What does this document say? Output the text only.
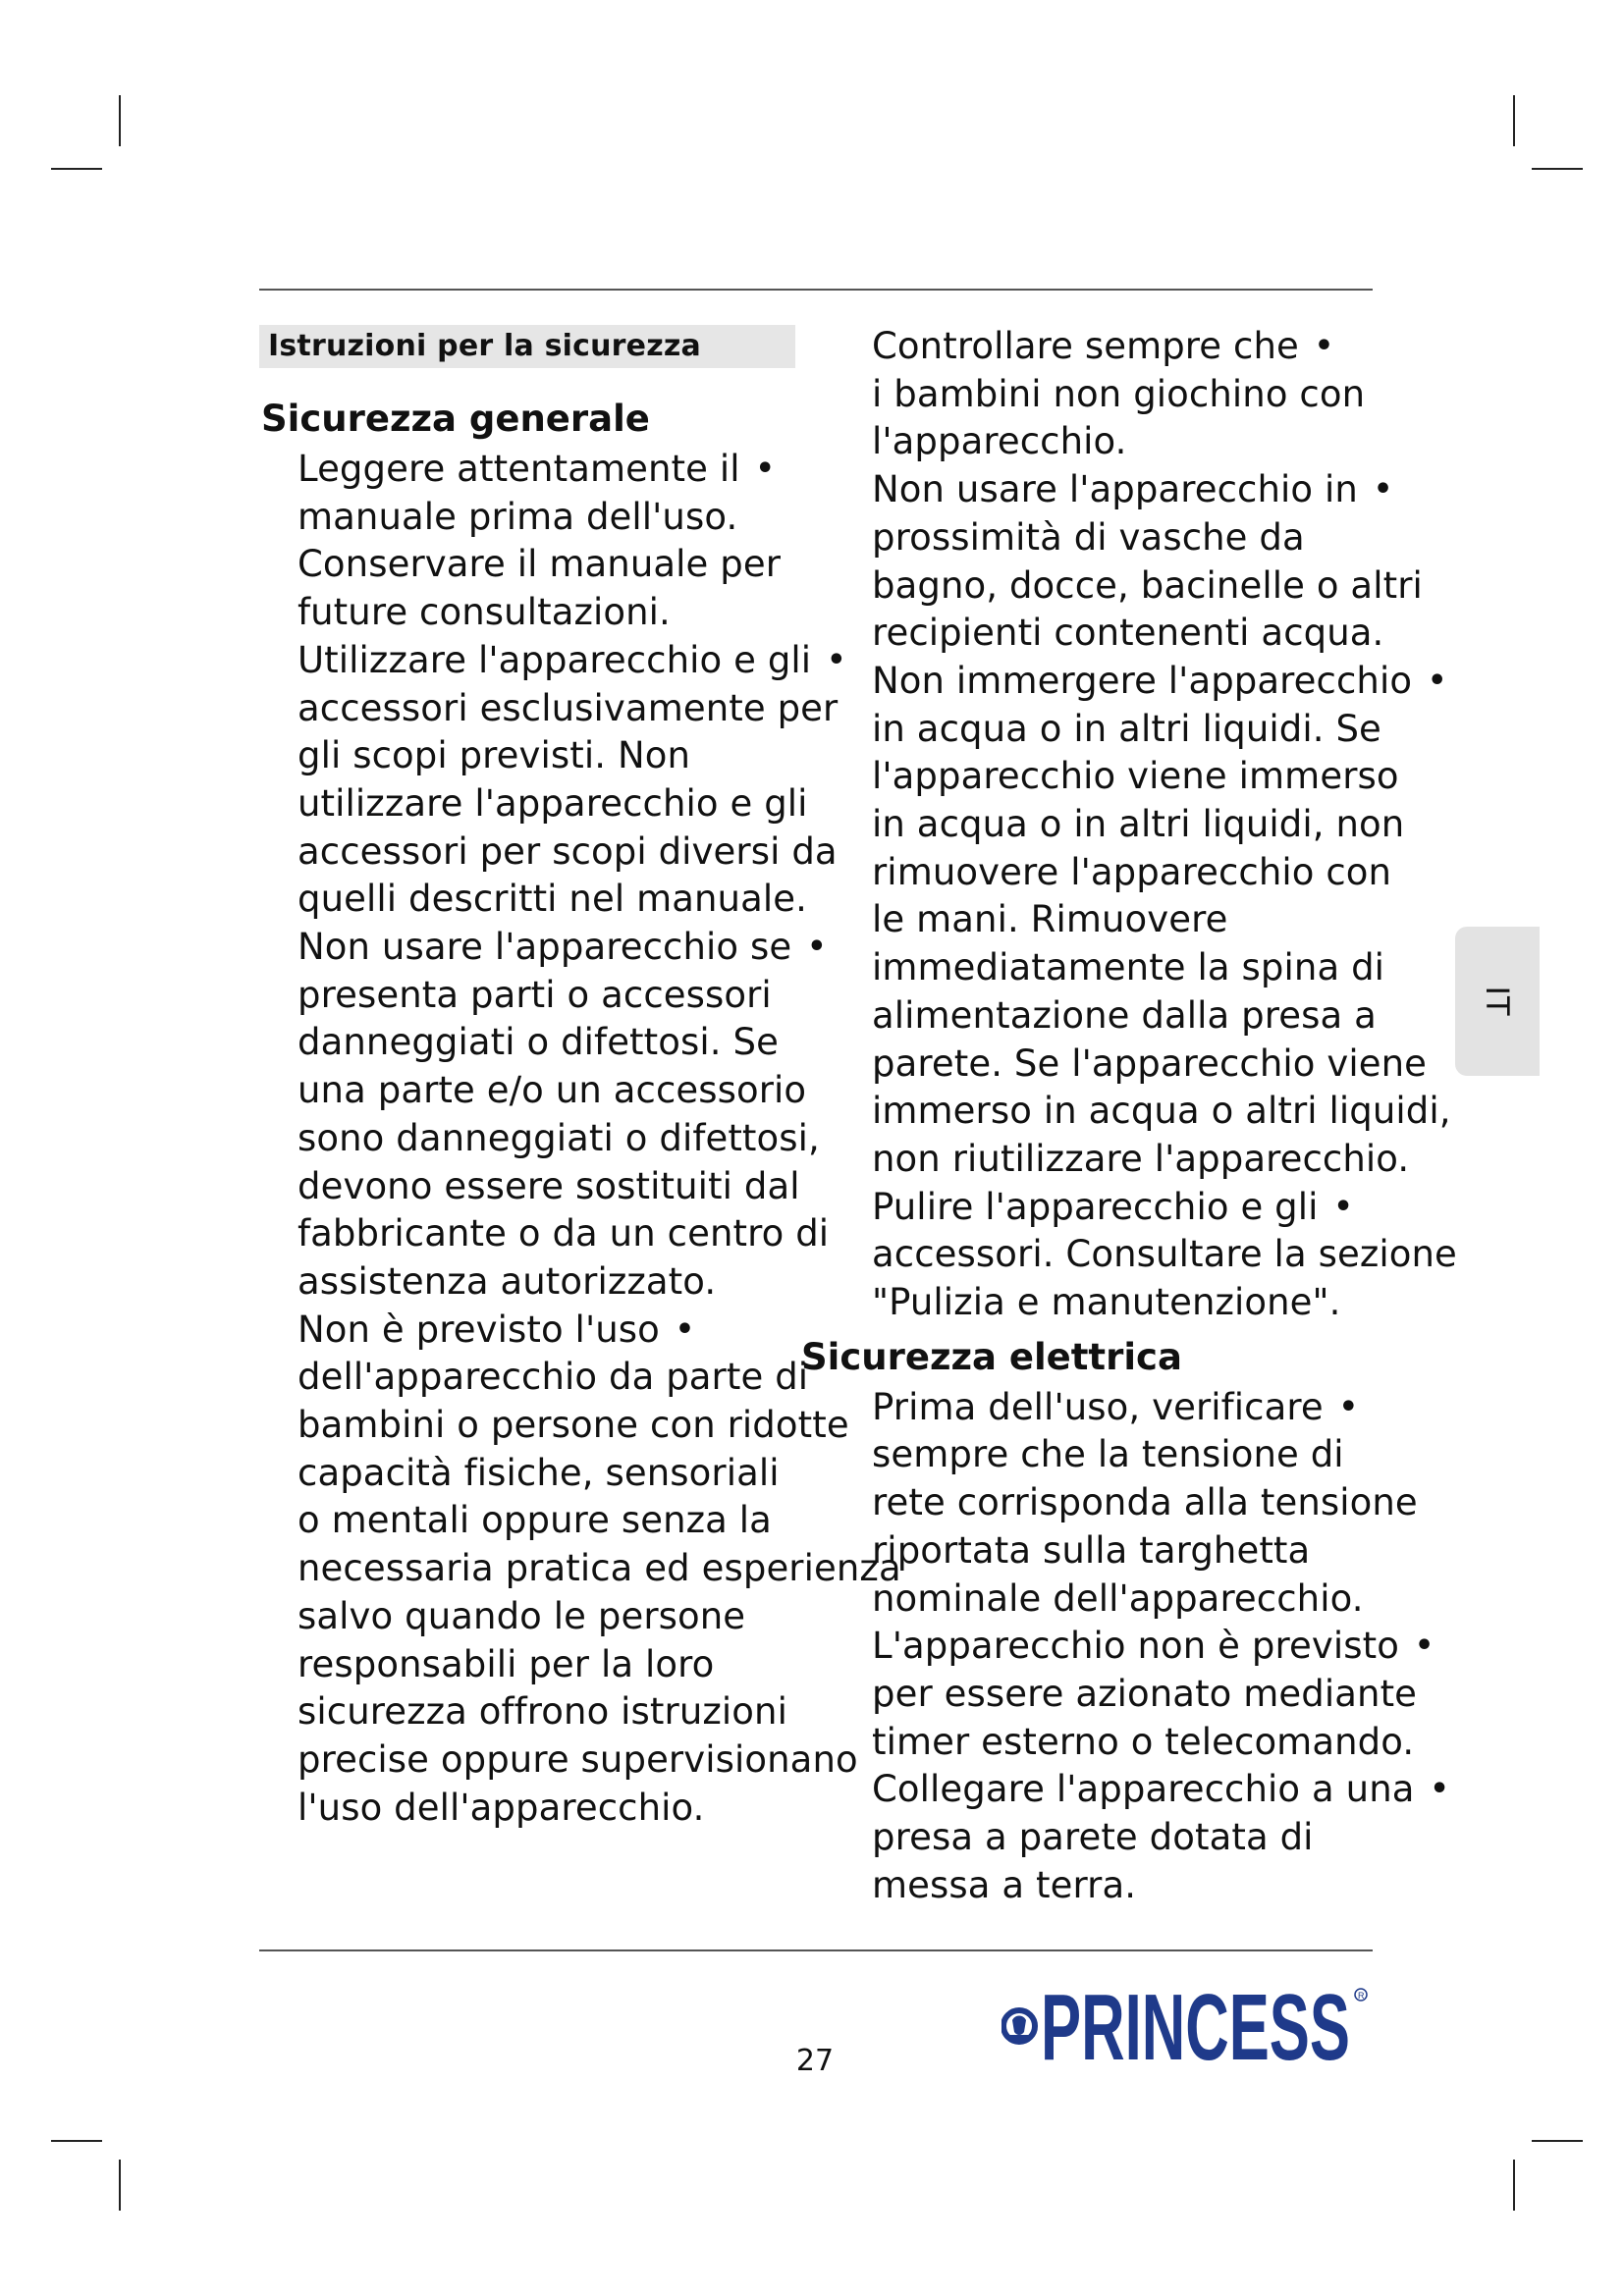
Istruzioni per la sicurezza
Sicurezza generale
Leggere attentamente il
manuale prima dell'uso.
Conservare il manuale per
future consultazioni.
•
Utilizzare l'apparecchio e gli
accessori esclusivamente per
gli scopi previsti. Non
utilizzare l'apparecchio e gli
accessori per scopi diversi da
quelli descritti nel manuale.
•
Non usare l'apparecchio se
presenta parti o accessori
danneggiati o difettosi. Se
una parte e/o un accessorio
sono danneggiati o difettosi,
devono essere sostituiti dal
fabbricante o da un centro di
assistenza autorizzato.
•
Non è previsto l'uso
dell'apparecchio da parte di
bambini o persone con ridotte
capacità fisiche, sensoriali
o mentali oppure senza la
necessaria pratica ed esperienza
salvo quando le persone
responsabili per la loro
sicurezza offrono istruzioni
precise oppure supervisionano
l'uso dell'apparecchio.
•
Controllare sempre che
i bambini non giochino con
l'apparecchio.
•
Non usare l'apparecchio in
prossimità di vasche da
bagno, docce, bacinelle o altri
recipienti contenenti acqua.
•
Non immergere l'apparecchio
in acqua o in altri liquidi. Se
l'apparecchio viene immerso
in acqua o in altri liquidi, non
rimuovere l'apparecchio con
le mani. Rimuovere
immediatamente la spina di
alimentazione dalla presa a
parete. Se l'apparecchio viene
immerso in acqua o altri liquidi,
non riutilizzare l'apparecchio.
•
Pulire l'apparecchio e gli
accessori. Consultare la sezione
"Pulizia e manutenzione".
•
Sicurezza elettrica
Prima dell'uso, verificare
sempre che la tensione di
rete corrisponda alla tensione
riportata sulla targhetta
nominale dell'apparecchio.
•
L'apparecchio non è previsto
per essere azionato mediante
timer esterno o telecomando.
•
Collegare l'apparecchio a una
presa a parete dotata di
messa a terra.
•
IT
27 PRINCESS R
